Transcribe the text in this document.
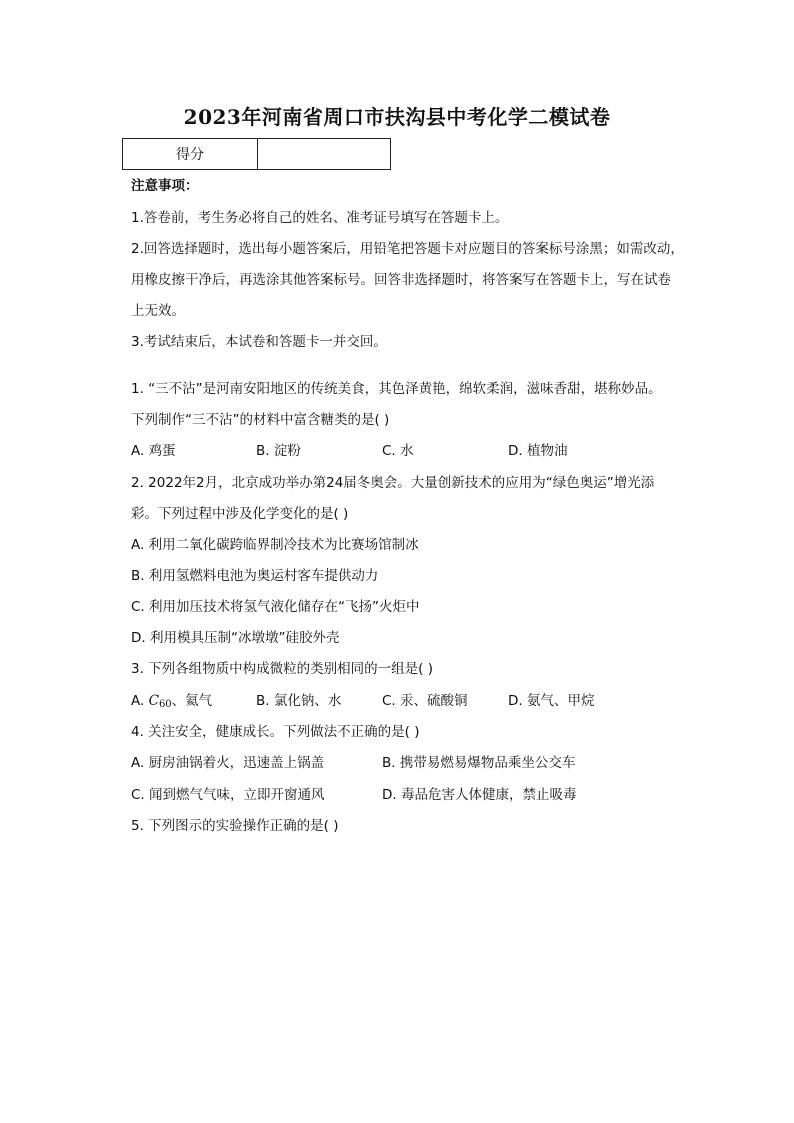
2023年河南省周口市扶沟县中考化学二模试卷
得分	
注意事项：
1.答卷前，考生务必将自己的姓名、准考证号填写在答题卡上。
2.回答选择题时，选出每小题答案后，用铅笔把答题卡对应题目的答案标号涂黑；如需改动，
用橡皮擦干净后，再选涂其他答案标号。回答非选择题时，将答案写在答题卡上，写在试卷
上无效。
3.考试结束后，本试卷和答题卡一并交回。
1. “三不沾”是河南安阳地区的传统美食，其色泽黄艳，绵软柔润，滋味香甜，堪称妙品。
下列制作“三不沾”的材料中富含糖类的是( )
A. 鸡蛋	B. 淀粉	C. 水	D. 植物油
2. 2022年2月，北京成功举办第24届冬奥会。大量创新技术的应用为“绿色奥运”增光添
彩。下列过程中涉及化学变化的是( )
A. 利用二氧化碳跨临界制冷技术为比赛场馆制冰
B. 利用氢燃料电池为奥运村客车提供动力
C. 利用加压技术将氢气液化储存在“飞扬”火炬中
D. 利用模具压制“冰墩墩”硅胶外壳
3. 下列各组物质中构成微粒的类别相同的一组是( )
A. $C_{60}$、氦气	B. 氯化钠、水	C. 汞、硫酸铜	D. 氨气、甲烷
4. 关注安全，健康成长。下列做法不正确的是( )
A. 厨房油锅着火，迅速盖上锅盖	B. 携带易燃易爆物品乘坐公交车
C. 闻到燃气气味，立即开窗通风	D. 毒品危害人体健康，禁止吸毒
5. 下列图示的实验操作正确的是( )
